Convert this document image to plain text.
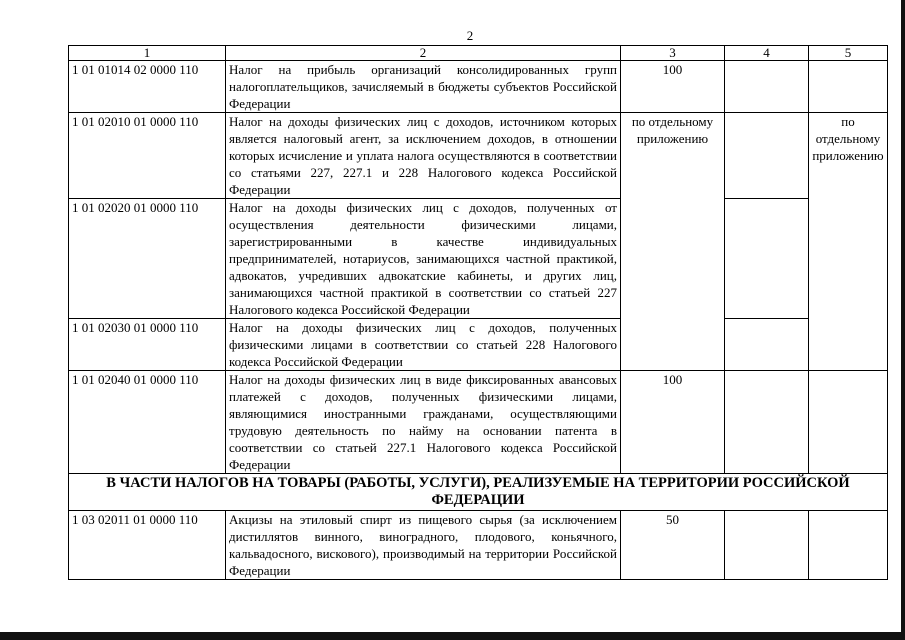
2
1	2	3	4	5
1 01 01014 02 0000 110	Налог на прибыль организаций консолидированных групп налогоплательщиков, зачисляемый в бюджеты субъектов Российской Федерации	100		
1 01 02010 01 0000 110	Налог на доходы физических лиц с доходов, источником которых является налоговый агент, за исключением доходов, в отношении которых исчисление и уплата налога осуществляются в соответствии со статьями 227, 227.1 и 228 Налогового кодекса Российской Федерации	по отдельному приложению		по отдельному приложению
1 01 02020 01 0000 110	Налог на доходы физических лиц с доходов, полученных от осуществления деятельности физическими лицами, зарегистрированными в качестве индивидуальных предпринимателей, нотариусов, занимающихся частной практикой, адвокатов, учредивших адвокатские кабинеты, и других лиц, занимающихся частной практикой в соответствии со статьей 227 Налогового кодекса Российской Федерации			
1 01 02030 01 0000 110	Налог на доходы физических лиц с доходов, полученных физическими лицами в соответствии со статьей 228 Налогового кодекса Российской Федерации			
1 01 02040 01 0000 110	Налог на доходы физических лиц в виде фиксированных авансовых платежей с доходов, полученных физическими лицами, являющимися иностранными гражданами, осуществляющими трудовую деятельность по найму на основании патента в соответствии со статьей 227.1 Налогового кодекса Российской Федерации	100		
В ЧАСТИ НАЛОГОВ НА ТОВАРЫ (РАБОТЫ, УСЛУГИ), РЕАЛИЗУЕМЫЕ НА ТЕРРИТОРИИ РОССИЙСКОЙ ФЕДЕРАЦИИ				
1 03 02011 01 0000 110	Акцизы на этиловый спирт из пищевого сырья (за исключением дистиллятов винного, виноградного, плодового, коньячного, кальвадосного, вискового), производимый на территории Российской Федерации	50		
